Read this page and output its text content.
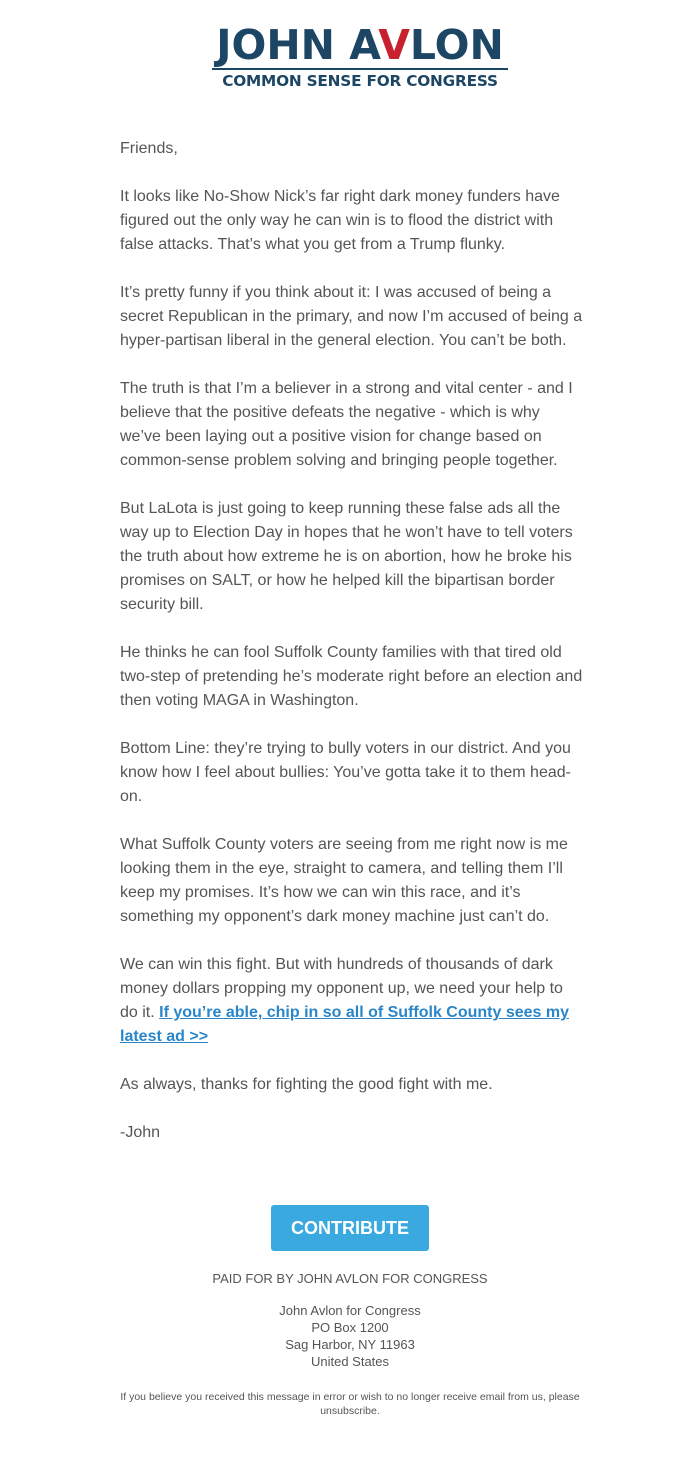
JOHN AVLON
COMMON SENSE FOR CONGRESS

Friends,

It looks like No-Show Nick’s far right dark money funders have figured out the only way he can win is to flood the district with false attacks. That’s what you get from a Trump flunky.

It’s pretty funny if you think about it: I was accused of being a secret Republican in the primary, and now I’m accused of being a hyper-partisan liberal in the general election. You can’t be both.

The truth is that I’m a believer in a strong and vital center - and I believe that the positive defeats the negative - which is why we’ve been laying out a positive vision for change based on common-sense problem solving and bringing people together.

But LaLota is just going to keep running these false ads all the way up to Election Day in hopes that he won’t have to tell voters the truth about how extreme he is on abortion, how he broke his promises on SALT, or how he helped kill the bipartisan border security bill.

He thinks he can fool Suffolk County families with that tired old two-step of pretending he’s moderate right before an election and then voting MAGA in Washington.

Bottom Line: they’re trying to bully voters in our district. And you know how I feel about bullies: You’ve gotta take it to them head-on.

What Suffolk County voters are seeing from me right now is me looking them in the eye, straight to camera, and telling them I’ll keep my promises. It’s how we can win this race, and it’s something my opponent’s dark money machine just can’t do.

We can win this fight. But with hundreds of thousands of dark money dollars propping my opponent up, we need your help to do it. If you’re able, chip in so all of Suffolk County sees my latest ad >>

As always, thanks for fighting the good fight with me.

-John

CONTRIBUTE
PAID FOR BY JOHN AVLON FOR CONGRESS
John Avlon for Congress
PO Box 1200
Sag Harbor, NY 11963
United States
If you believe you received this message in error or wish to no longer receive email from us, please unsubscribe.
